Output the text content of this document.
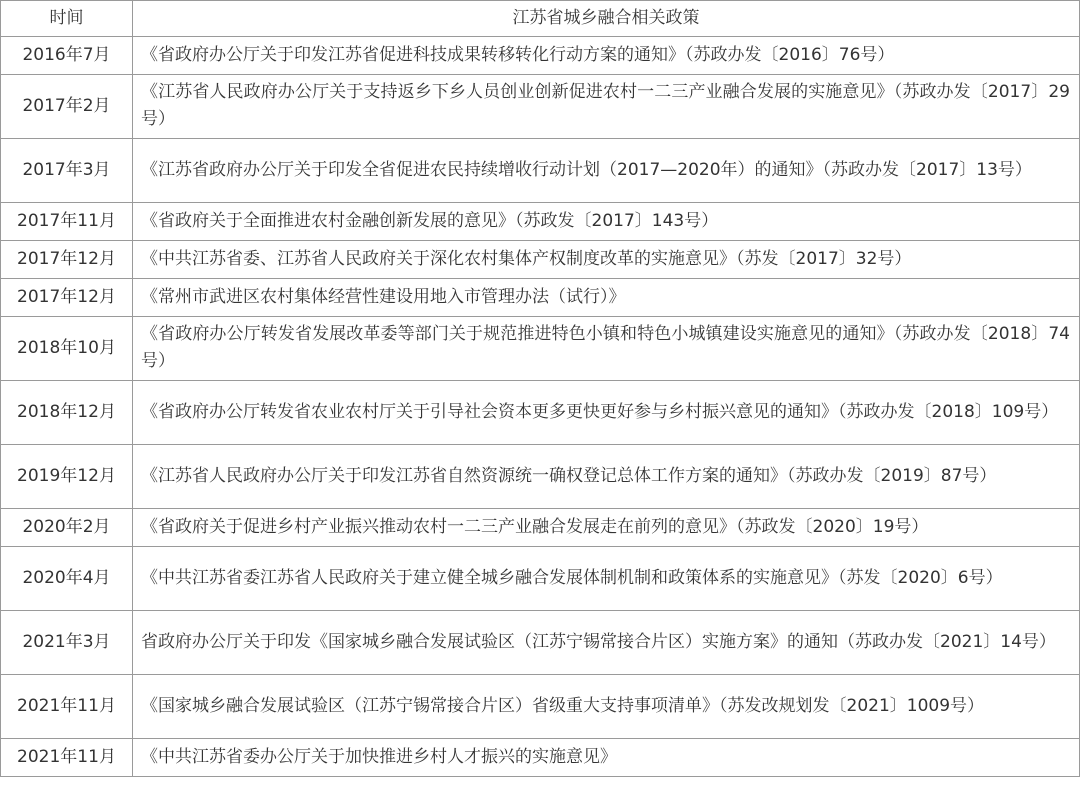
时间	江苏省城乡融合相关政策
2016年7月	《省政府办公厅关于印发江苏省促进科技成果转移转化行动方案的通知》（苏政办发〔2016〕76号）
2017年2月	《江苏省人民政府办公厅关于支持返乡下乡人员创业创新促进农村一二三产业融合发展的实施意见》（苏政办发〔2017〕29号）
2017年3月	《江苏省政府办公厅关于印发全省促进农民持续增收行动计划（2017—2020年）的通知》（苏政办发〔2017〕13号）
2017年11月	《省政府关于全面推进农村金融创新发展的意见》（苏政发〔2017〕143号）
2017年12月	《中共江苏省委、江苏省人民政府关于深化农村集体产权制度改革的实施意见》（苏发〔2017〕32号）
2017年12月	《常州市武进区农村集体经营性建设用地入市管理办法（试行）》
2018年10月	《省政府办公厅转发省发展改革委等部门关于规范推进特色小镇和特色小城镇建设实施意见的通知》（苏政办发〔2018〕74号）
2018年12月	《省政府办公厅转发省农业农村厅关于引导社会资本更多更快更好参与乡村振兴意见的通知》（苏政办发〔2018〕109号）
2019年12月	《江苏省人民政府办公厅关于印发江苏省自然资源统一确权登记总体工作方案的通知》（苏政办发〔2019〕87号）
2020年2月	《省政府关于促进乡村产业振兴推动农村一二三产业融合发展走在前列的意见》（苏政发〔2020〕19号）
2020年4月	《中共江苏省委江苏省人民政府关于建立健全城乡融合发展体制机制和政策体系的实施意见》（苏发〔2020〕6号）
2021年3月	省政府办公厅关于印发《国家城乡融合发展试验区（江苏宁锡常接合片区）实施方案》的通知（苏政办发〔2021〕14号）
2021年11月	《国家城乡融合发展试验区（江苏宁锡常接合片区）省级重大支持事项清单》（苏发改规划发〔2021〕1009号）
2021年11月	《中共江苏省委办公厅关于加快推进乡村人才振兴的实施意见》
